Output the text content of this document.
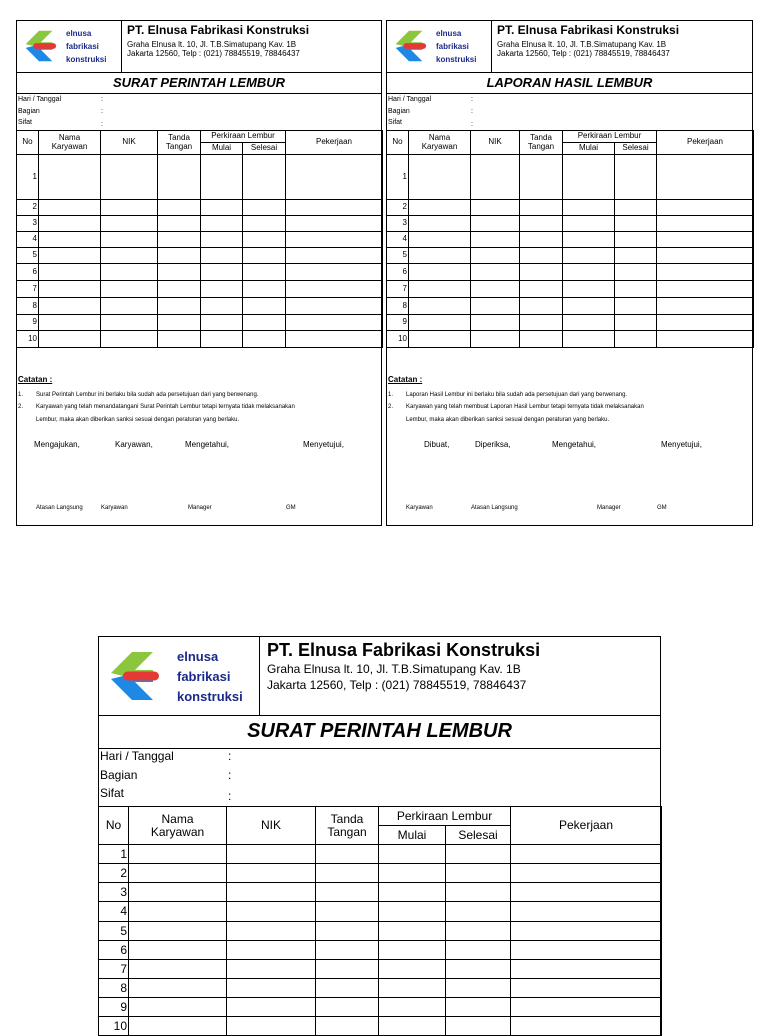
elnusa
fabrikasi
konstruksi
PT. Elnusa Fabrikasi Konstruksi
Graha Elnusa lt. 10, Jl. T.B.Simatupang Kav. 1B
Jakarta 12560, Telp : (021) 78845519, 78846437
SURAT PERINTAH LEMBUR
Hari / Tanggal
Bagian
Sifat
:
:
:
No	Nama Karyawan	NIK	Tanda Tangan	Perkiraan Lembur		Pekerjaan
				Mulai	Selesai	
1						
2						
3						
4						
5						
6						
7						
8						
9						
10						
Catatan :
1. Surat Perintah Lembur ini berlaku bila sudah ada persetujuan dari yang berwenang.
2. Karyawan yang telah menandatangani Surat Perintah Lembur tetapi ternyata tidak melaksanakan
Lembur, maka akan diberikan sanksi sesuai dengan peraturan yang berlaku.
Mengajukan,	Karyawan,	Mengetahui,	Menyetujui,
Atasan Langsung	Karyawan	Manager	GM
elnusa
fabrikasi
konstruksi
PT. Elnusa Fabrikasi Konstruksi
Graha Elnusa lt. 10, Jl. T.B.Simatupang Kav. 1B
Jakarta 12560, Telp : (021) 78845519, 78846437
LAPORAN HASIL LEMBUR
Hari / Tanggal
Bagian
Sifat
:
:
:
No	Nama Karyawan	NIK	Tanda Tangan	Perkiraan Lembur		Pekerjaan
				Mulai	Selesai	
1						
2						
3						
4						
5						
6						
7						
8						
9						
10						
Catatan :
1. Laporan Hasil Lembur ini berlaku bila sudah ada persetujuan dari yang berwenang.
2. Karyawan yang telah membuat Laporan Hasil Lembur tetapi ternyata tidak melaksanakan
Lembur, maka akan diberikan sanksi sesuai dengan peraturan yang berlaku.
Dibuat,	Diperiksa,	Mengetahui,	Menyetujui,
Karyawan	Atasan Langsung	Manager	GM
elnusa
fabrikasi
konstruksi
PT. Elnusa Fabrikasi Konstruksi
Graha Elnusa lt. 10, Jl. T.B.Simatupang Kav. 1B
Jakarta 12560, Telp : (021) 78845519, 78846437
SURAT PERINTAH LEMBUR
Hari / Tanggal
Bagian
Sifat
:
:
:
No	Nama Karyawan	NIK	Tanda Tangan	Perkiraan Lembur		Pekerjaan
				Mulai	Selesai	
1						
2						
3						
4						
5						
6						
7						
8						
9						
10						
